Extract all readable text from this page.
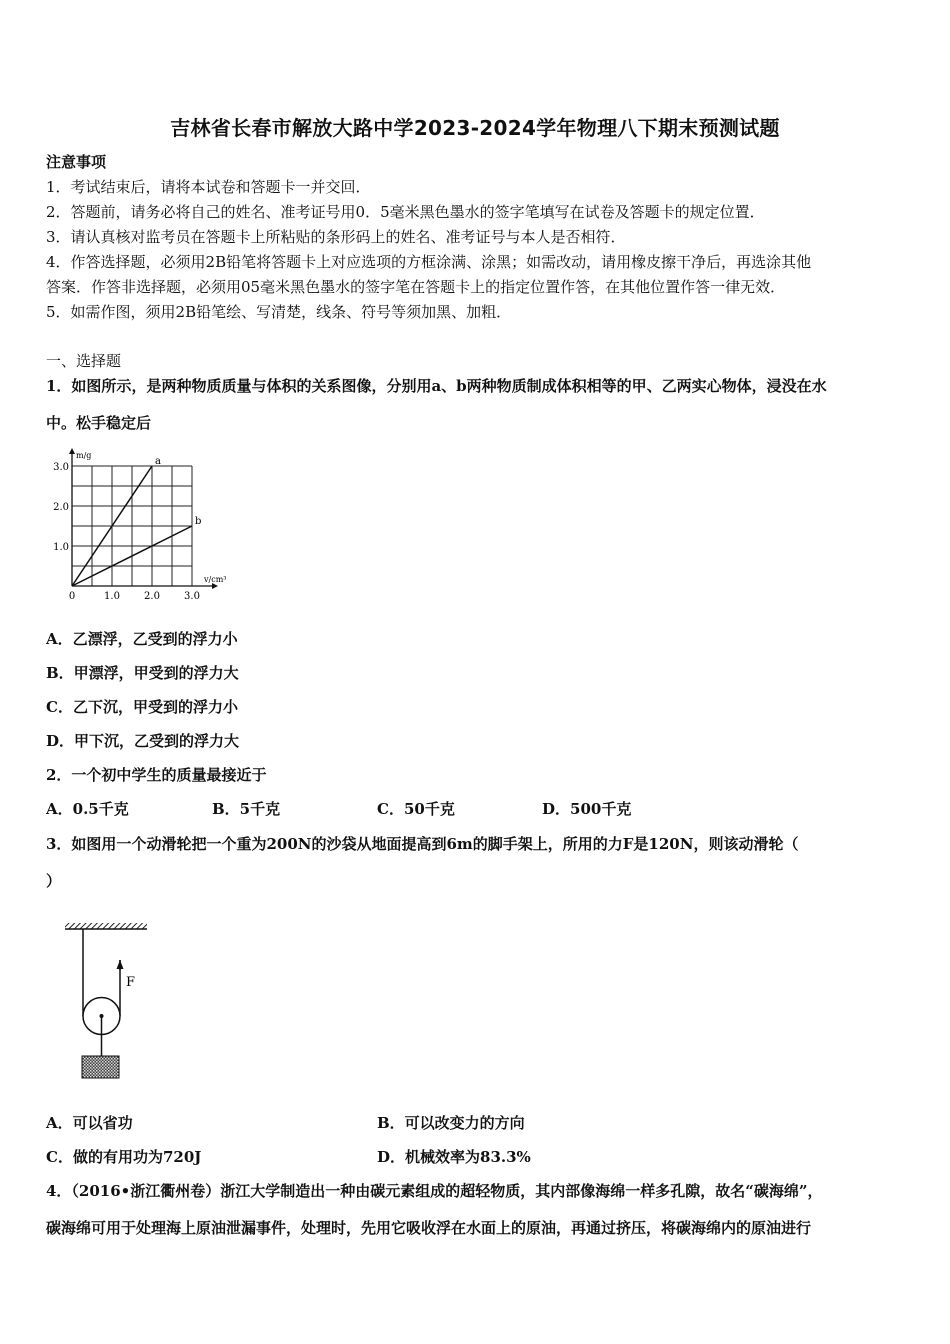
吉林省长春市解放大路中学2023-2024学年物理八下期末预测试题
注意事项
1．考试结束后，请将本试卷和答题卡一并交回．
2．答题前，请务必将自己的姓名、准考证号用0．5毫米黑色墨水的签字笔填写在试卷及答题卡的规定位置．
3．请认真核对监考员在答题卡上所粘贴的条形码上的姓名、准考证号与本人是否相符．
4．作答选择题，必须用2B铅笔将答题卡上对应选项的方框涂满、涂黑；如需改动，请用橡皮擦干净后，再选涂其他
答案．作答非选择题，必须用05毫米黑色墨水的签字笔在答题卡上的指定位置作答，在其他位置作答一律无效．
5．如需作图，须用2B铅笔绘、写清楚，线条、符号等须加黑、加粗．
一、选择题
1．如图所示，是两种物质质量与体积的关系图像，分别用a、b两种物质制成体积相等的甲、乙两实心物体，浸没在水
中。松手稳定后
m/g
v/cm³
0	1.0 2.0 3.0
1.0
2.0
3.0
a
b
A．乙漂浮，乙受到的浮力小
B．甲漂浮，甲受到的浮力大
C．乙下沉，甲受到的浮力小
D．甲下沉，乙受到的浮力大
2．一个初中学生的质量最接近于
A．0.5千克	B．5千克	C．50千克	D．500千克
3．如图用一个动滑轮把一个重为200N的沙袋从地面提高到6m的脚手架上，所用的力F是120N，则该动滑轮（
）
F
A．可以省功	B．可以改变力的方向
C．做的有用功为720J	D．机械效率为83.3%
4．（2016•浙江衢州卷）浙江大学制造出一种由碳元素组成的超轻物质，其内部像海绵一样多孔隙，故名“碳海绵”，
碳海绵可用于处理海上原油泄漏事件，处理时，先用它吸收浮在水面上的原油，再通过挤压，将碳海绵内的原油进行
